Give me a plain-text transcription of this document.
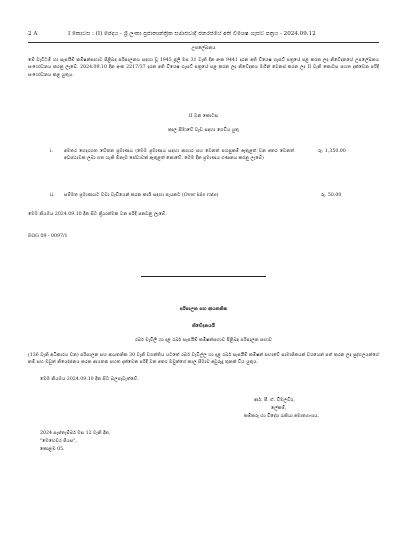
2 A	I කොටස : (I) ඡෙදය - ශ්‍රී ලංකා ප්‍රජාතාන්ත්‍රික සමාජවාදී ජනරජයේ අති විශෙෂ ගැසට් පත්‍රය - 2024.09.12
උපලේඛනය
මේ වැට්ටම් හා සැපයීම් කමිෂන්සභාව පිළිබඳ පරිපාලනය සඳහා වූ 1945 ජූලි මස 31 වැනි දින අංක 9441 දරන අති විශෙෂ ගැසට් පත්‍රයේ පළ කරන ලද නිවේදනයේ උපලේඛනය සංශෝධනය කරනු ලැබේ. 2024.09.10 දින අංක 2217/37 දරන අති විශෙෂ ගැසට් පත්‍රයේ පළ කරන ලද නිවේදනය මගින් වෙනස් කරන ලද II වැනි කොටස පහත දැක්වෙන පරිදි සංශෝධනය කළ යුතුය.
II වන කොටස
කාල සීමාවේ වැඩ සඳහා ගෙවිය යුතු
i. අමතර ගෙදර‍ගත වේතන ප්‍රමාණය (මෙම ප්‍රමාණය සඳහා ආහාර සහ වෙනත් පහසුකම් ඇතුළත් වන අතර වෙනත් අවස්ථාවක ලබා ගත හැකි ඕනෑම සේවාවක් ඇතුළත් නොවේ. මෙම දින ප්‍රමාණය ගණනය කරනු ලැබේ)
රු. 1,350.00
ii. සම්මත ප්‍රමාණයට වඩා වැඩියෙන් කරන කාර්‍ය සඳහා පැයකට (Over kilo rate)	රු. 50.00
මෙම නියමය 2024.09.10 දින සිට ක්‍රියාත්මක වන පරිදි පනවනු ලැබේ.
EOG 09 - 0097/1
පරිපාලන සහ ආයතනික
නිවේදනයයි
රබර් වැවිලි හා දළ රබර් සැපයීම් කමිෂන්සභාව පිළිබඳ පරිපාලන සභාව
(136 වැනි අධිකාරය වන) පරිපාලන සහ ආයතනික 30 වැනි වගන්තිය යටතේ රබර් වැවිල්ල හා දළ රබර් සැපයීම් කමිෂන් සභාවේ සාමාජිකයන් වශයෙන් පත් කරන ලද පුද්ගලයන්ගේ නම් සහ ඔවුන් නියෝජනය කරන ආයතන පහත දැක්වෙන පරිදි වන අතර ඔවුන්ගේ කාල සීමාව අවුරුදු තුනක් විය යුතුය.
මෙම නියමය 2024.09.10 දින සිට බලපැවැත්වේ.
ආර්. පී. ඒ. විමලවීර,
ලේකම්,
කම්කරු හා විදේශ රැකියා අමාත්‍යාංශය.
2024 සැප්තැම්බර් මස 12 වැනි දින,
"මෙහෙවර පියස",
කොළඹ 05.
